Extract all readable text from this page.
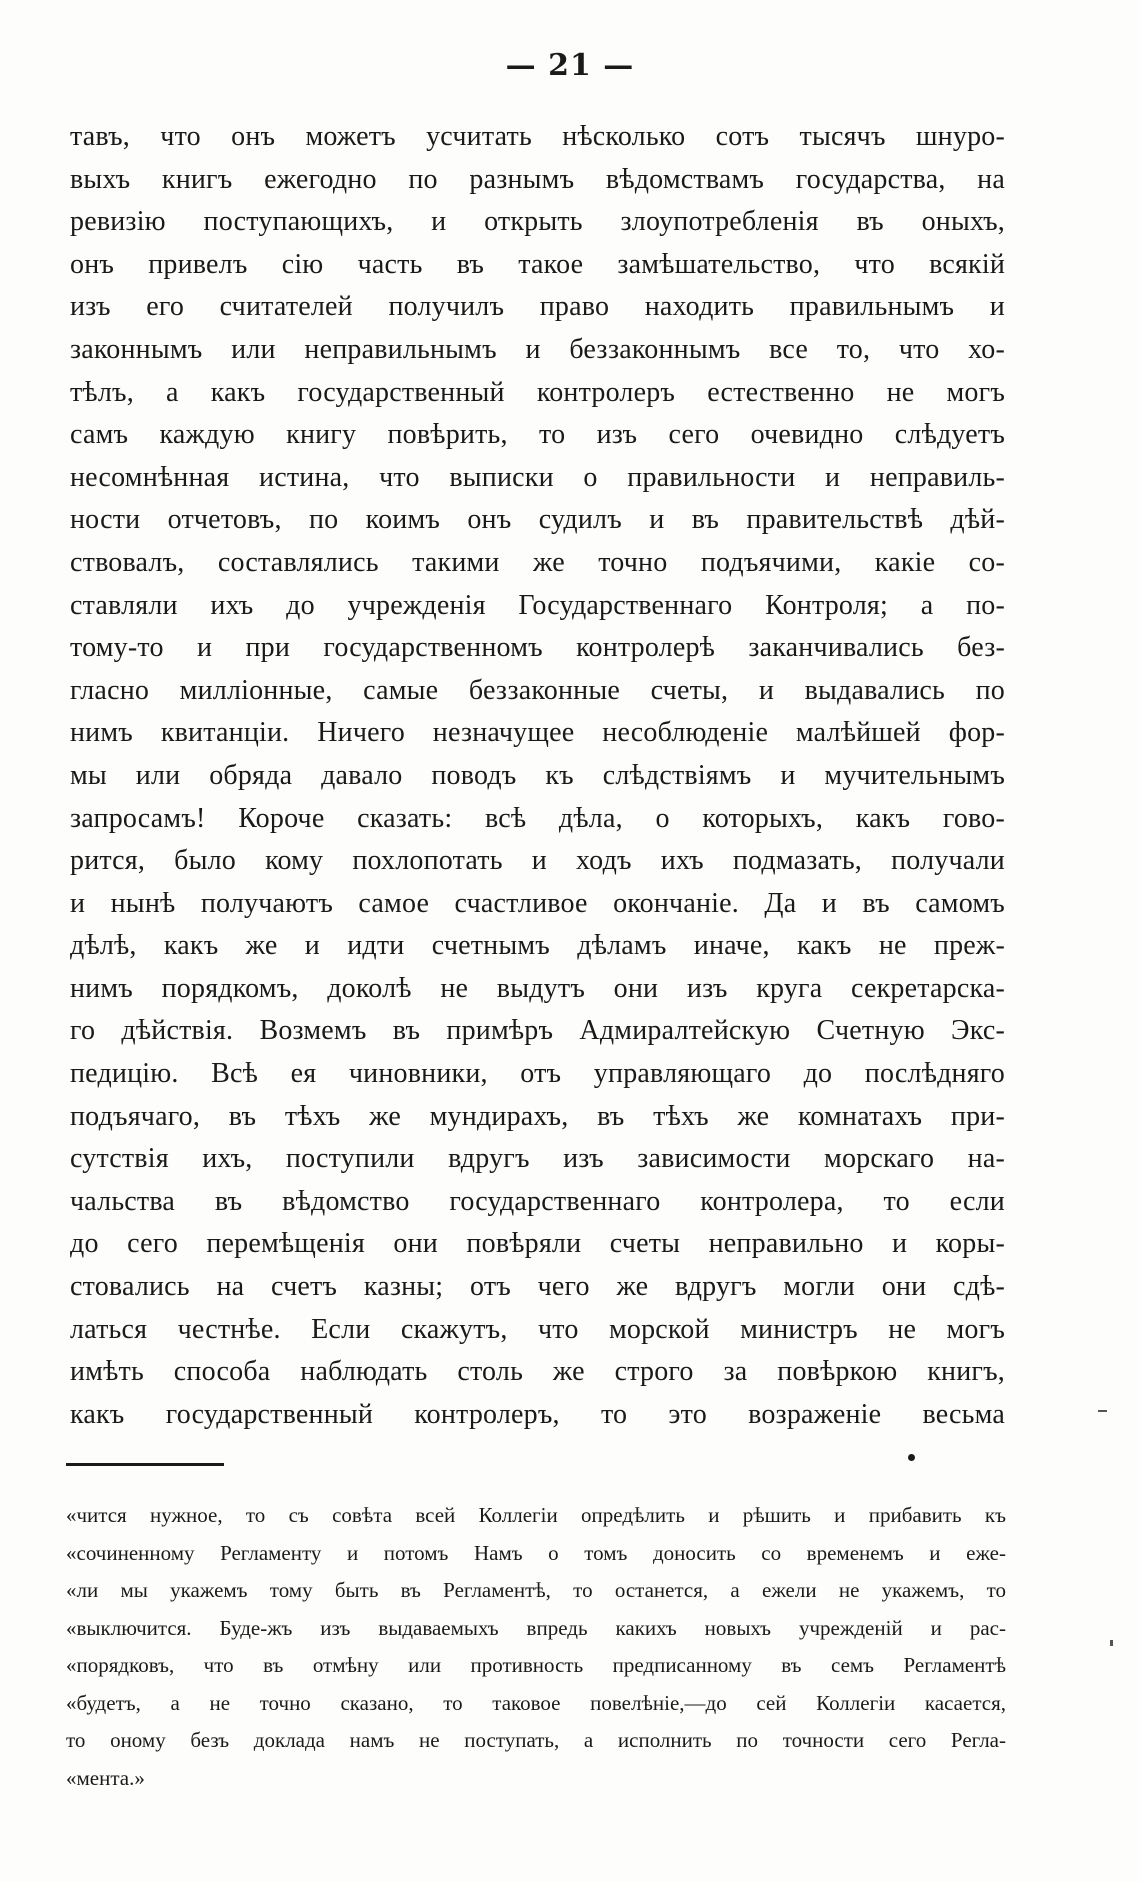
— 21 —
тавъ, что онъ можетъ усчитать нѣсколько сотъ тысячъ шнуро-
выхъ книгъ ежегодно по разнымъ вѣдомствамъ государства, на
ревизію поступающихъ, и открыть злоупотребленія въ оныхъ,
онъ привелъ сію часть въ такое замѣшательство, что всякій
изъ его считателей получилъ право находить правильнымъ и
законнымъ или неправильнымъ и беззаконнымъ все то, что хо-
тѣлъ, а какъ государственный контролеръ естественно не могъ
самъ каждую книгу повѣрить, то изъ сего очевидно слѣдуетъ
несомнѣнная истина, что выписки о правильности и неправиль-
ности отчетовъ, по коимъ онъ судилъ и въ правительствѣ дѣй-
ствовалъ, составлялись такими же точно подъячими, какіе со-
ставляли ихъ до учрежденія Государственнаго Контроля; а по-
тому-то и при государственномъ контролерѣ заканчивались без-
гласно милліонные, самые беззаконные счеты, и выдавались по
нимъ квитанціи. Ничего незначущее несоблюденіе малѣйшей фор-
мы или обряда давало поводъ къ слѣдствіямъ и мучительнымъ
запросамъ! Короче сказать: всѣ дѣла, о которыхъ, какъ гово-
рится, было кому похлопотать и ходъ ихъ подмазать, получали
и нынѣ получаютъ самое счастливое окончаніе. Да и въ самомъ
дѣлѣ, какъ же и идти счетнымъ дѣламъ иначе, какъ не преж-
нимъ порядкомъ, доколѣ не выдутъ они изъ круга секретарска-
го дѣйствія. Возмемъ въ примѣръ Адмиралтейскую Счетную Экс-
педицію. Всѣ ея чиновники, отъ управляющаго до послѣдняго
подъячаго, въ тѣхъ же мундирахъ, въ тѣхъ же комнатахъ при-
сутствія ихъ, поступили вдругъ изъ зависимости морскаго на-
чальства въ вѣдомство государственнаго контролера, то если
до сего перемѣщенія они повѣряли счеты неправильно и коры-
стовались на счетъ казны; отъ чего же вдругъ могли они сдѣ-
латься честнѣе. Если скажутъ, что морской министръ не могъ
имѣть способа наблюдать столь же строго за повѣркою книгъ,
какъ государственный контролеръ, то это возраженіе весьма
«чится нужное, то съ совѣта всей Коллегіи опредѣлить и рѣшить и прибавить къ
«сочиненному Регламенту и потомъ Намъ о томъ доносить со временемъ и еже-
«ли мы укажемъ тому быть въ Регламентѣ, то останется, а ежели не укажемъ, то
«выключится. Буде-жъ изъ выдаваемыхъ впредь какихъ новыхъ учрежденій и рас-
«порядковъ, что въ отмѣну или противность предписанному въ семъ Регламентѣ
«будетъ, а не точно сказано, то таковое повелѣніе,—до сей Коллегіи касается,
то оному безъ доклада намъ не поступать, а исполнить по точности сего Регла-
«мента.»
